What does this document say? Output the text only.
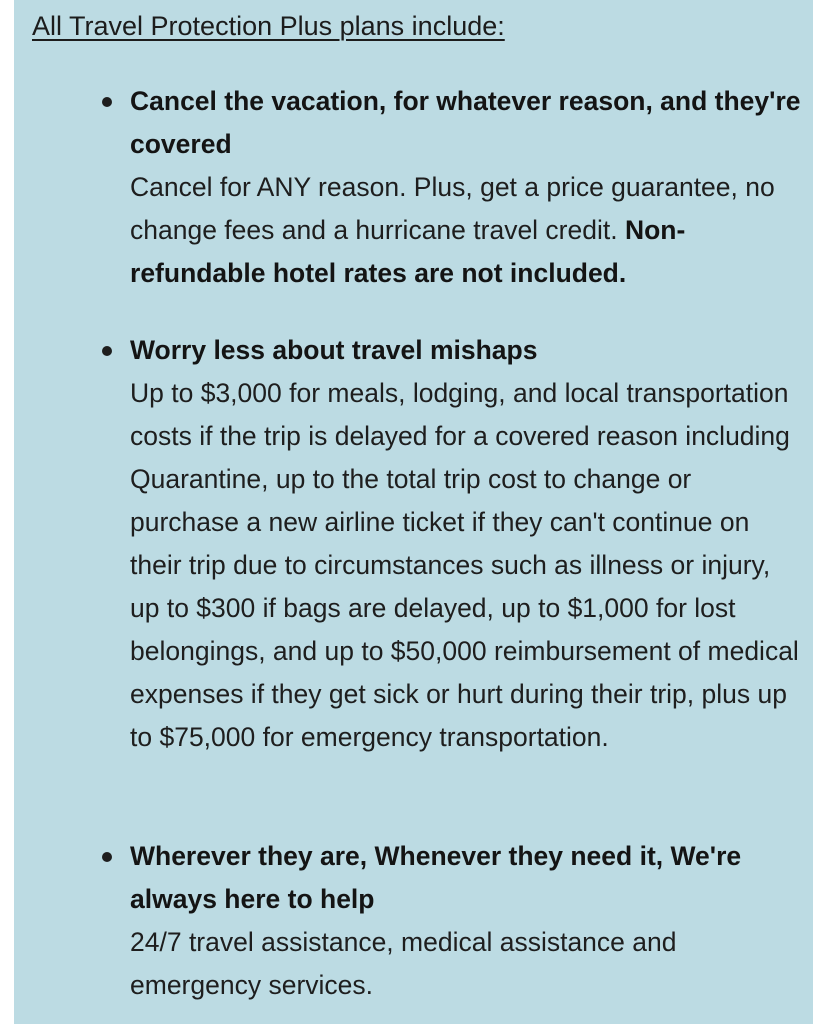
All Travel Protection Plus plans include:
Cancel the vacation, for whatever reason, and they're covered
Cancel for ANY reason. Plus, get a price guarantee, no change fees and a hurricane travel credit. Non-refundable hotel rates are not included.
Worry less about travel mishaps
Up to $3,000 for meals, lodging, and local transportation costs if the trip is delayed for a covered reason including Quarantine, up to the total trip cost to change or purchase a new airline ticket if they can't continue on their trip due to circumstances such as illness or injury, up to $300 if bags are delayed, up to $1,000 for lost belongings, and up to $50,000 reimbursement of medical expenses if they get sick or hurt during their trip, plus up to $75,000 for emergency transportation.
Wherever they are, Whenever they need it, We're always here to help
24/7 travel assistance, medical assistance and emergency services.
